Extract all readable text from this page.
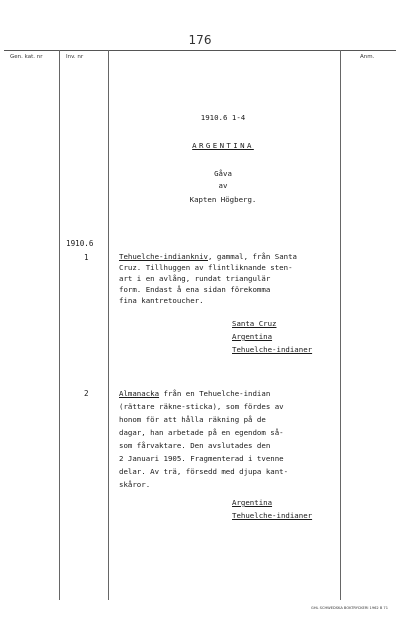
176
Gen. kat. nr	Inv. nr	Anm.
1910.6 1-4
ARGENTINA
Gåva
av
Kapten Högberg.
1910.6
1	Tehuelche-indiankniv, gammal, från Santa
Cruz. Tillhuggen av flintliknande sten-
art i en avlång, rundat triangulär
form. Endast å ena sidan förekomma
fina kantretoucher.
Santa Cruz
Argentina
Tehuelche-indianer
2	Almanacka från en Tehuelche-indian
(rättare räkne-sticka), som fördes av
honom för att hålla räkning på de
dagar, han arbetade på en egendom så-
som fårvaktare. Den avslutades den
2 Januari 1905. Fragmenterad i tvenne
delar. Av trä, försedd med djupa kant-
skåror.
Argentina
Tehuelche-indianer
GHL SCHWEDSKA BOKTRYCKERI 1962 B 71
